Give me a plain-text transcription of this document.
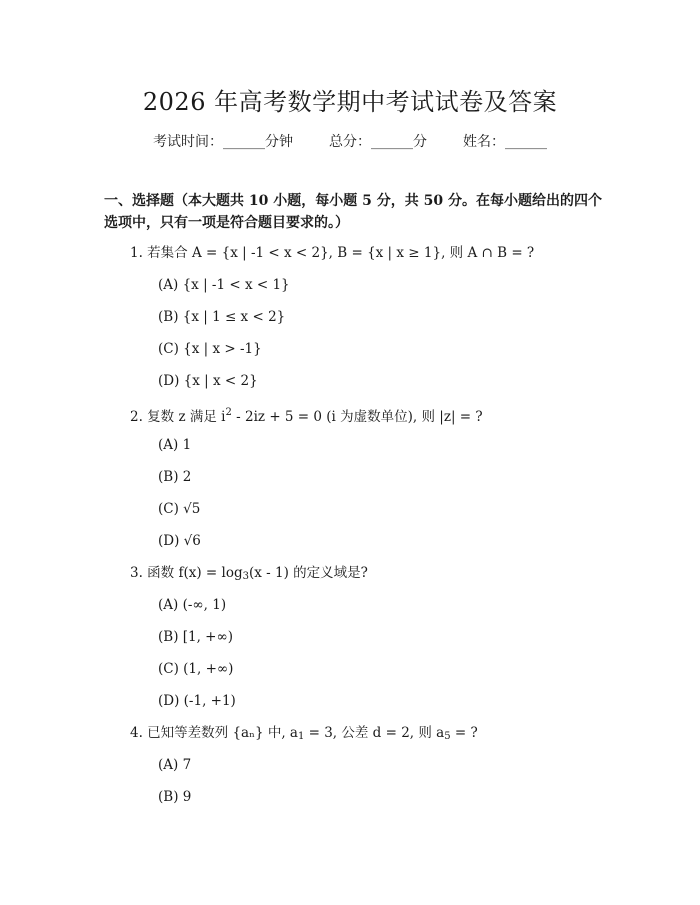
2026 年高考数学期中考试试卷及答案
考试时间：______分钟	总分：______分	姓名：______
一、选择题（本大题共 10 小题，每小题 5 分，共 50 分。在每小题给出的四个选项中，只有一项是符合题目要求的。）
1. 若集合 A = {x | -1 < x < 2}, B = {x | x ≥ 1}, 则 A ∩ B = ?
(A) {x | -1 < x < 1}
(B) {x | 1 ≤ x < 2}
(C) {x | x > -1}
(D) {x | x < 2}
2. 复数 z 满足 $i^2 - 2iz + 5 = 0$ (i 为虚数单位), 则 |z| = ?
(A) 1
(B) 2
(C) √5
(D) √6
3. 函数 $f(x) = \log_3(x - 1)$ 的定义域是?
(A) (-∞, 1)
(B) [1, +∞)
(C) (1, +∞)
(D) (-1, +1)
4. 已知等差数列 {aₙ} 中, $a_1 = 3$, 公差 d = 2, 则 $a_5$ = ?
(A) 7
(B) 9
